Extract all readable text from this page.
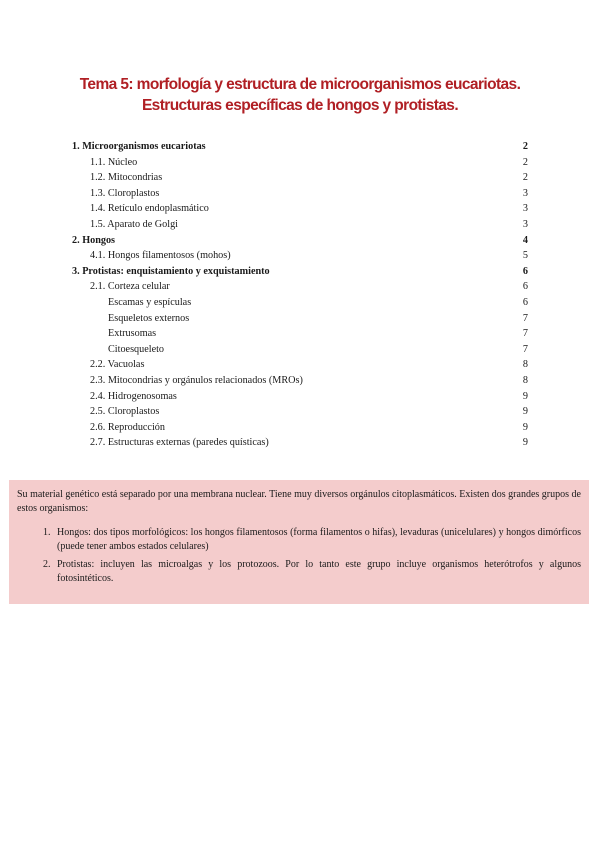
Tema 5: morfología y estructura de microorganismos eucariotas.
Estructuras específicas de hongos y protistas.
1. Microorganismos eucariotas	2
1.1. Núcleo	2
1.2. Mitocondrias	2
1.3. Cloroplastos	3
1.4. Retículo endoplasmático	3
1.5. Aparato de Golgi	3
2. Hongos	4
4.1. Hongos filamentosos (mohos)	5
3. Protistas: enquistamiento y exquistamiento	6
2.1. Corteza celular	6
Escamas y espículas	6
Esqueletos externos	7
Extrusomas	7
Citoesqueleto	7
2.2. Vacuolas	8
2.3. Mitocondrias y orgánulos relacionados (MROs)	8
2.4. Hidrogenosomas	9
2.5. Cloroplastos	9
2.6. Reproducción	9
2.7. Estructuras externas (paredes quísticas)	9

Su material genético está separado por una membrana nuclear. Tiene muy diversos orgánulos citoplasmáticos. Existen dos grandes grupos de estos organismos:

1. Hongos: dos tipos morfológicos: los hongos filamentosos (forma filamentos o hifas), levaduras (unicelulares) y hongos dimórficos (puede tener ambos estados celulares)
2. Protistas: incluyen las microalgas y los protozoos. Por lo tanto este grupo incluye organismos heterótrofos y algunos fotosintéticos.
